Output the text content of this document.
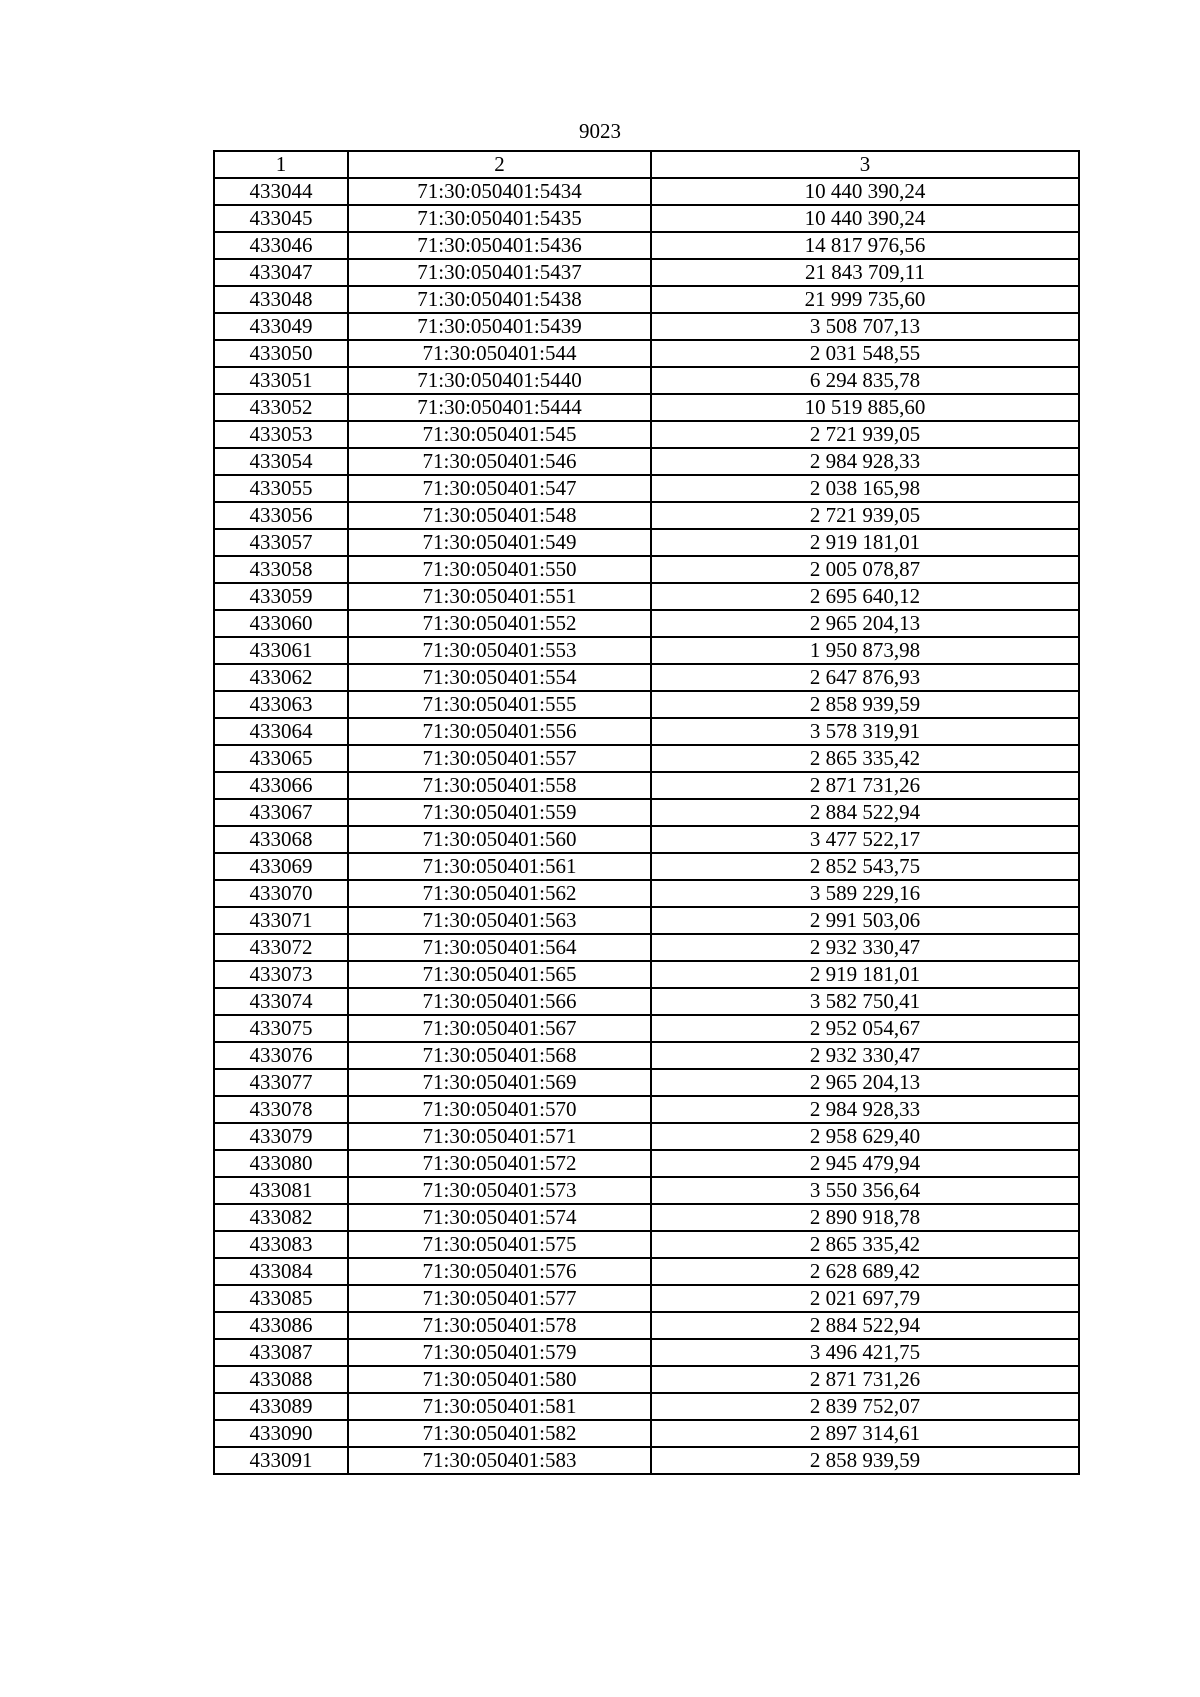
9023
1	2	3
433044	71:30:050401:5434	10 440 390,24
433045	71:30:050401:5435	10 440 390,24
433046	71:30:050401:5436	14 817 976,56
433047	71:30:050401:5437	21 843 709,11
433048	71:30:050401:5438	21 999 735,60
433049	71:30:050401:5439	3 508 707,13
433050	71:30:050401:544	2 031 548,55
433051	71:30:050401:5440	6 294 835,78
433052	71:30:050401:5444	10 519 885,60
433053	71:30:050401:545	2 721 939,05
433054	71:30:050401:546	2 984 928,33
433055	71:30:050401:547	2 038 165,98
433056	71:30:050401:548	2 721 939,05
433057	71:30:050401:549	2 919 181,01
433058	71:30:050401:550	2 005 078,87
433059	71:30:050401:551	2 695 640,12
433060	71:30:050401:552	2 965 204,13
433061	71:30:050401:553	1 950 873,98
433062	71:30:050401:554	2 647 876,93
433063	71:30:050401:555	2 858 939,59
433064	71:30:050401:556	3 578 319,91
433065	71:30:050401:557	2 865 335,42
433066	71:30:050401:558	2 871 731,26
433067	71:30:050401:559	2 884 522,94
433068	71:30:050401:560	3 477 522,17
433069	71:30:050401:561	2 852 543,75
433070	71:30:050401:562	3 589 229,16
433071	71:30:050401:563	2 991 503,06
433072	71:30:050401:564	2 932 330,47
433073	71:30:050401:565	2 919 181,01
433074	71:30:050401:566	3 582 750,41
433075	71:30:050401:567	2 952 054,67
433076	71:30:050401:568	2 932 330,47
433077	71:30:050401:569	2 965 204,13
433078	71:30:050401:570	2 984 928,33
433079	71:30:050401:571	2 958 629,40
433080	71:30:050401:572	2 945 479,94
433081	71:30:050401:573	3 550 356,64
433082	71:30:050401:574	2 890 918,78
433083	71:30:050401:575	2 865 335,42
433084	71:30:050401:576	2 628 689,42
433085	71:30:050401:577	2 021 697,79
433086	71:30:050401:578	2 884 522,94
433087	71:30:050401:579	3 496 421,75
433088	71:30:050401:580	2 871 731,26
433089	71:30:050401:581	2 839 752,07
433090	71:30:050401:582	2 897 314,61
433091	71:30:050401:583	2 858 939,59
